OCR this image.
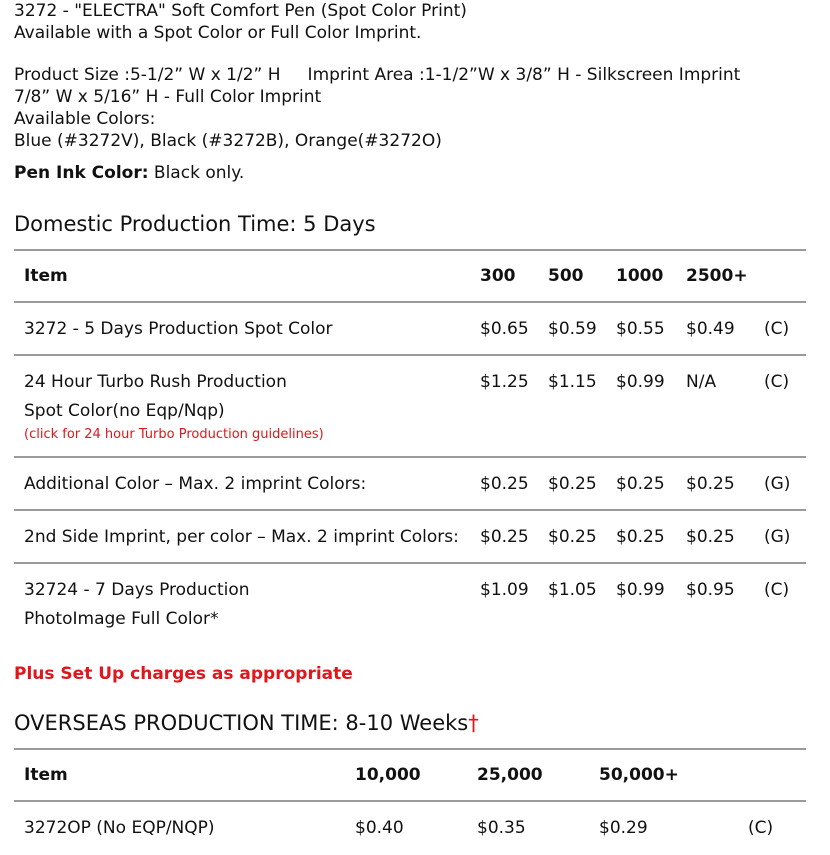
3272 - "ELECTRA" Soft Comfort Pen (Spot Color Print)
Available with a Spot Color or Full Color Imprint.
Product Size :5-1/2” W x 1/2” H     Imprint Area :1-1/2”W x 3/8” H - Silkscreen Imprint
7/8” W x 5/16” H - Full Color Imprint
Available Colors:
Blue (#3272V), Black (#3272B), Orange(#3272O)
Pen Ink Color: Black only.
Domestic Production Time: 5 Days
Item	300	500	1000	2500+	
3272 - 5 Days Production Spot Color	$0.65	$0.59	$0.55	$0.49	(C)
24 Hour Turbo Rush Production
Spot Color(no Eqp/Nqp)
(click for 24 hour Turbo Production guidelines)	$1.25	$1.15	$0.99	N/A	(C)
Additional Color – Max. 2 imprint Colors:	$0.25	$0.25	$0.25	$0.25	(G)
2nd Side Imprint, per color – Max. 2 imprint Colors:	$0.25	$0.25	$0.25	$0.25	(G)
32724 - 7 Days Production
PhotoImage Full Color*	$1.09	$1.05	$0.99	$0.95	(C)
Plus Set Up charges as appropriate
OVERSEAS PRODUCTION TIME: 8-10 Weeks†
Item	10,000	25,000	50,000+	
3272OP (No EQP/NQP)	$0.40	$0.35	$0.29	(C)
